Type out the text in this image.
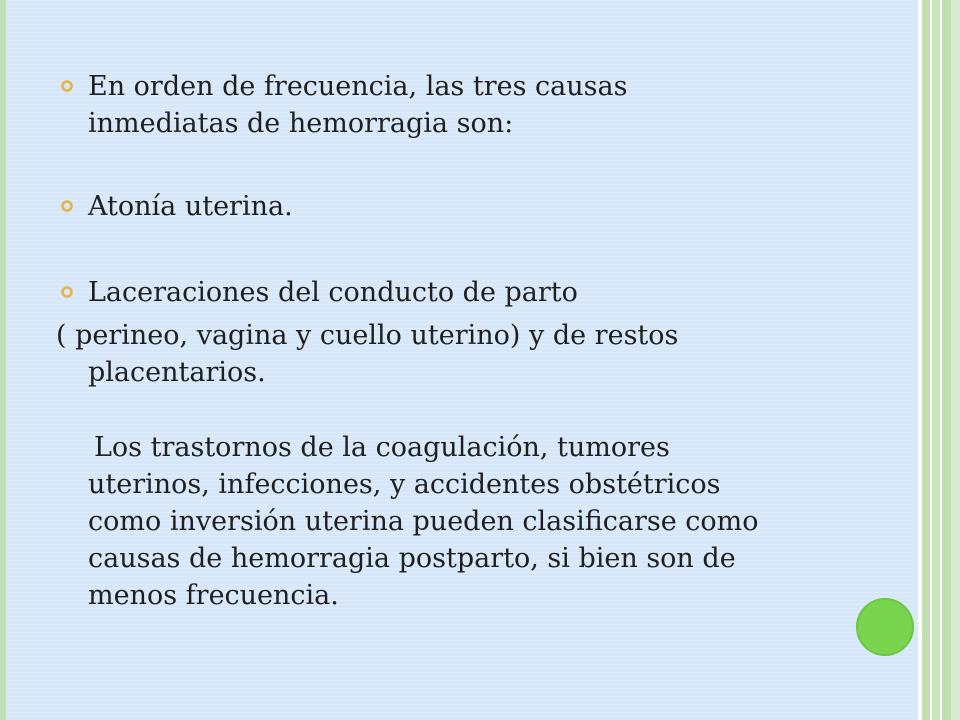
En orden de frecuencia, las tres causas
inmediatas de hemorragia son:
Atonía uterina.
Laceraciones del conducto de parto
( perineo, vagina y cuello uterino) y de restos
placentarios.
Los trastornos de la coagulación, tumores
uterinos, infecciones, y accidentes obstétricos
como inversión uterina pueden clasificarse como
causas de hemorragia postparto, si bien son de
menos frecuencia.
